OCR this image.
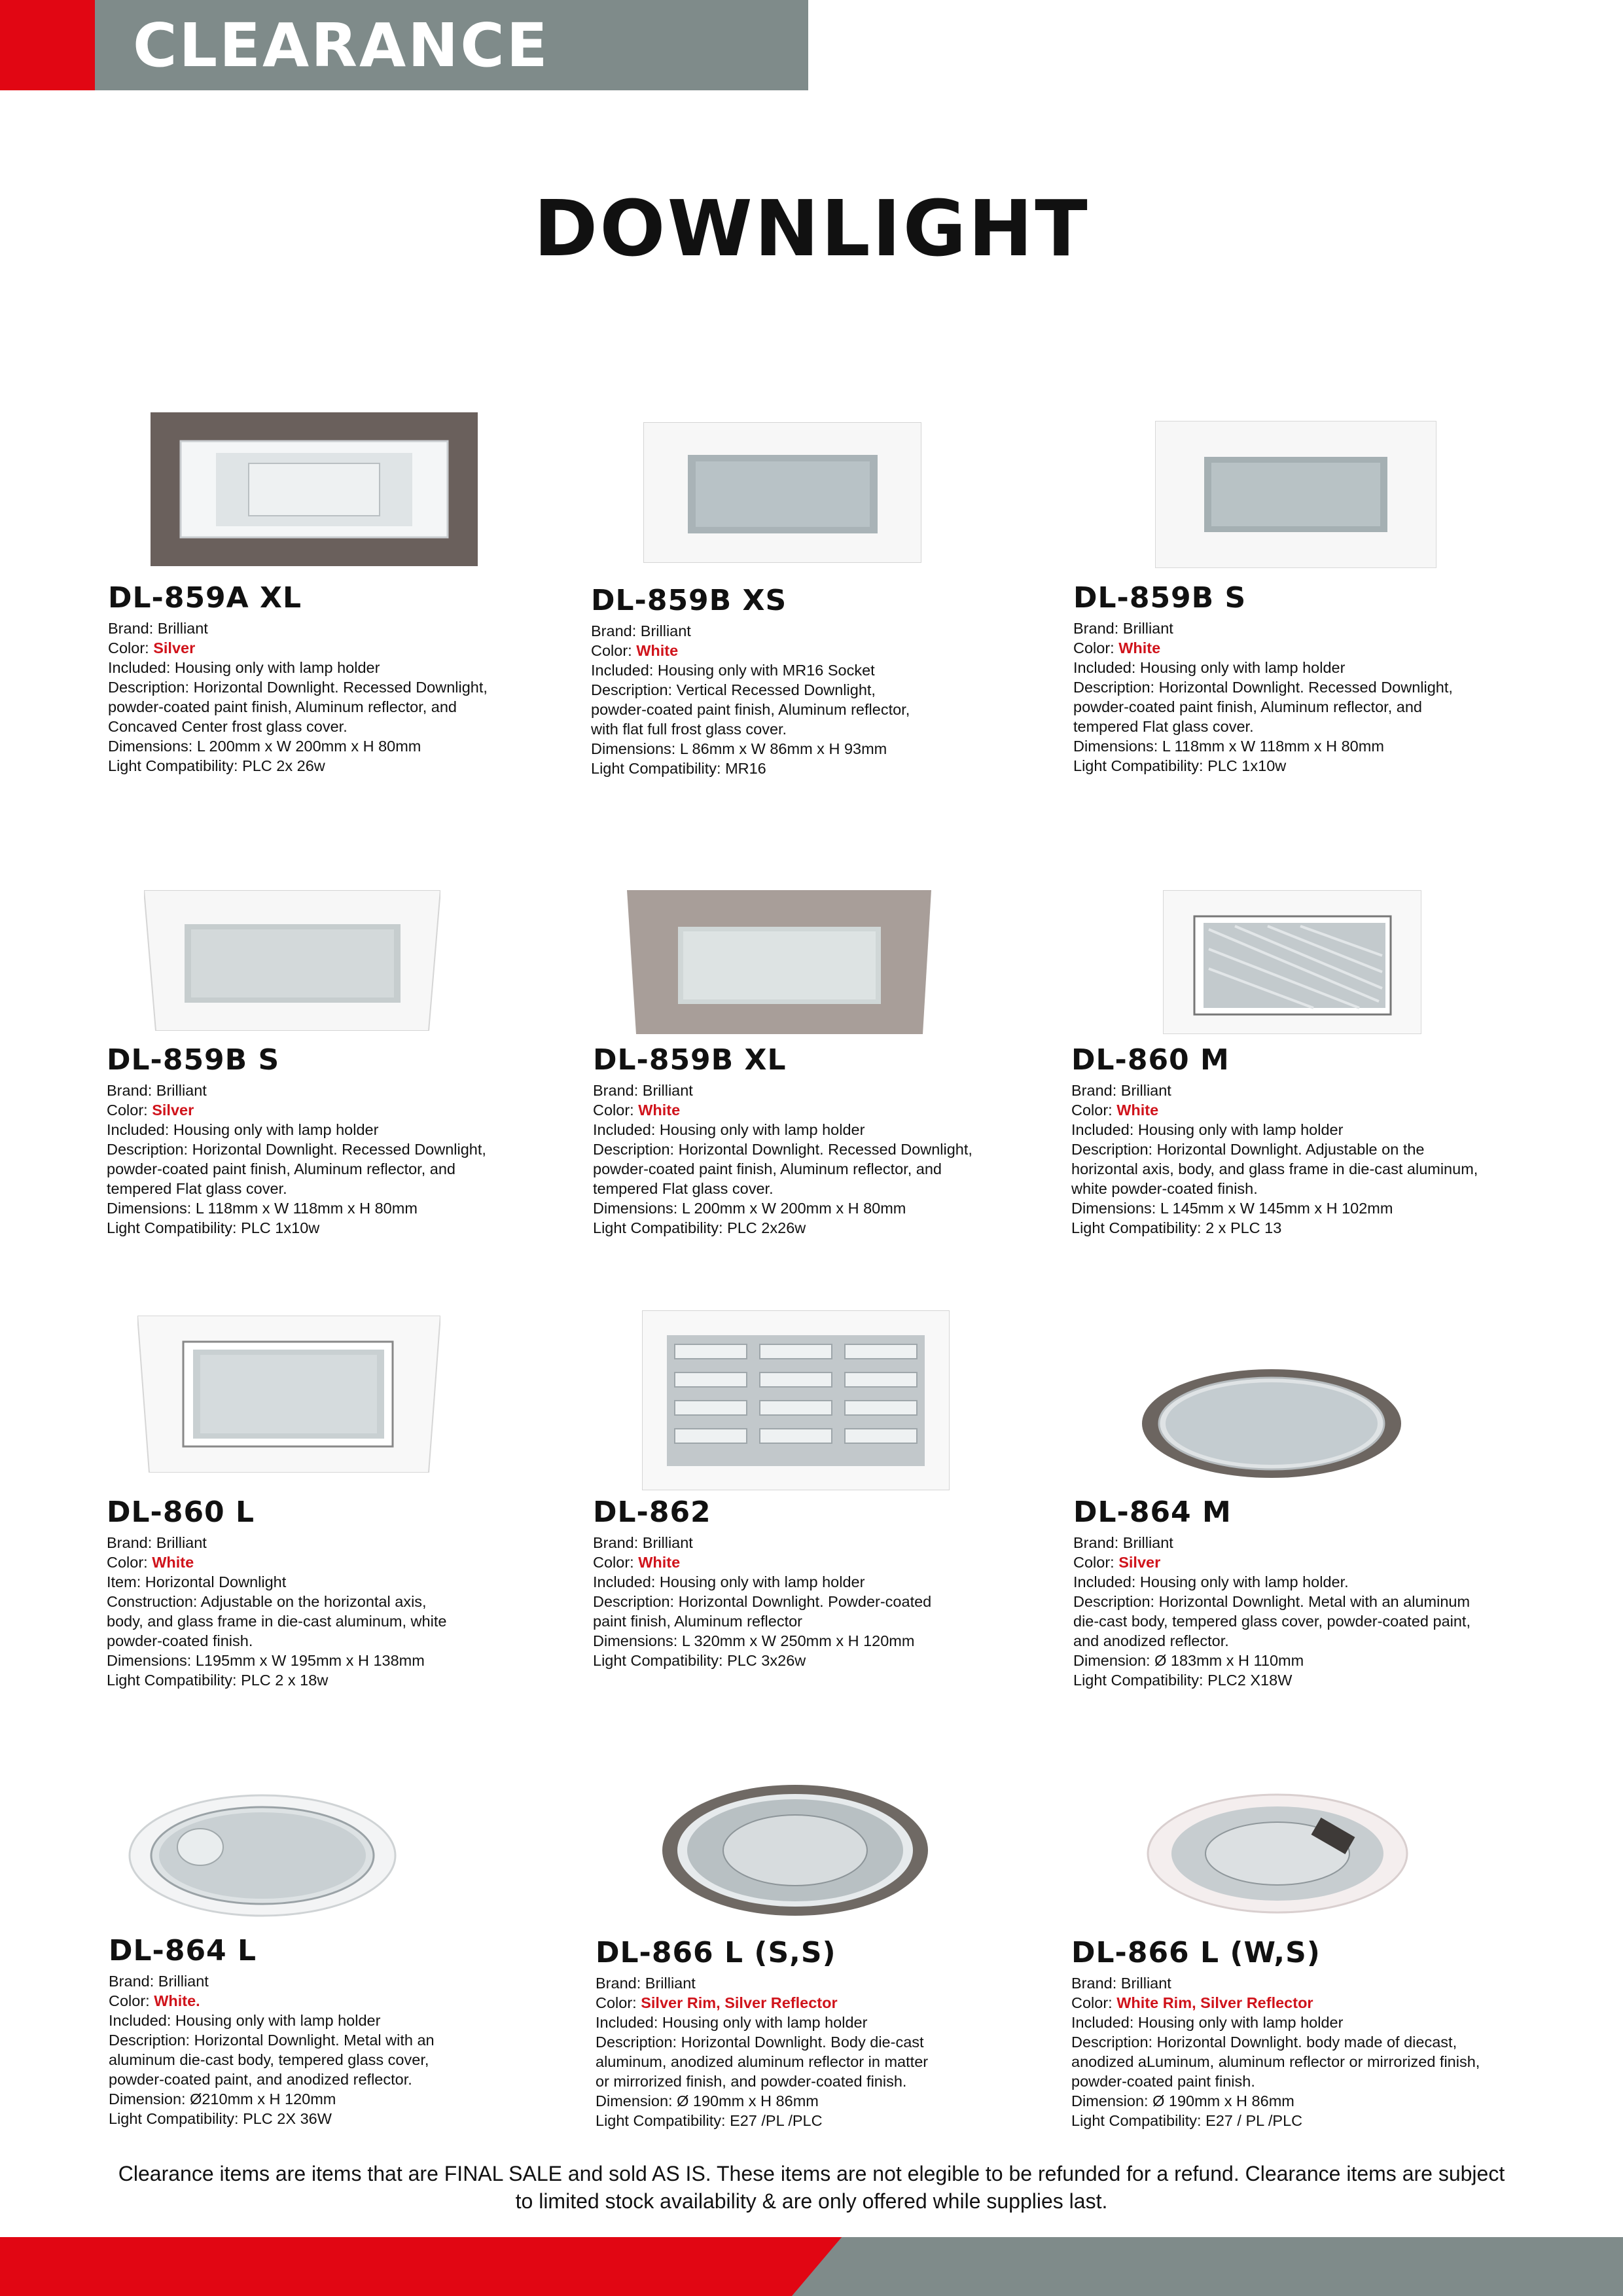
CLEARANCE
DOWNLIGHT
DL-859A XL
Brand: Brilliant
Color: Silver
Included: Housing only with lamp holder
Description: Horizontal Downlight. Recessed Downlight,
powder-coated paint finish, Aluminum reflector, and
Concaved Center frost glass cover.
Dimensions: L 200mm x W 200mm x H 80mm
Light Compatibility: PLC 2x 26w
DL-859B XS
Brand: Brilliant
Color: White
Included: Housing only with MR16 Socket
Description: Vertical Recessed Downlight,
powder-coated paint finish, Aluminum reflector,
with flat full frost glass cover.
Dimensions: L 86mm x W 86mm x H 93mm
Light Compatibility: MR16
DL-859B S
Brand: Brilliant
Color: White
Included: Housing only with lamp holder
Description: Horizontal Downlight. Recessed Downlight,
powder-coated paint finish, Aluminum reflector, and
tempered Flat glass cover.
Dimensions: L 118mm x W 118mm x H 80mm
Light Compatibility: PLC 1x10w
DL-859B S
Brand: Brilliant
Color: Silver
Included: Housing only with lamp holder
Description: Horizontal Downlight. Recessed Downlight,
powder-coated paint finish, Aluminum reflector, and
tempered Flat glass cover.
Dimensions: L 118mm x W 118mm x H 80mm
Light Compatibility: PLC 1x10w
DL-859B XL
Brand: Brilliant
Color: White
Included: Housing only with lamp holder
Description: Horizontal Downlight. Recessed Downlight,
powder-coated paint finish, Aluminum reflector, and
tempered Flat glass cover.
Dimensions: L 200mm x W 200mm x H 80mm
Light Compatibility: PLC 2x26w
DL-860 M
Brand: Brilliant
Color: White
Included: Housing only with lamp holder
Description: Horizontal Downlight. Adjustable on the
horizontal axis, body, and glass frame in die-cast aluminum,
white powder-coated finish.
Dimensions: L 145mm x W 145mm x H 102mm
Light Compatibility: 2 x PLC 13
DL-860 L
Brand: Brilliant
Color: White
Item: Horizontal Downlight
Construction: Adjustable on the horizontal axis,
body, and glass frame in die-cast aluminum, white
powder-coated finish.
Dimensions: L195mm x W 195mm x H 138mm
Light Compatibility: PLC 2 x 18w
DL-862
Brand: Brilliant
Color: White
Included: Housing only with lamp holder
Description: Horizontal Downlight. Powder-coated
paint finish, Aluminum reflector
Dimensions: L 320mm x W 250mm x H 120mm
Light Compatibility: PLC 3x26w
DL-864 M
Brand: Brilliant
Color: Silver
Included: Housing only with lamp holder.
Description: Horizontal Downlight. Metal with an aluminum
die-cast body, tempered glass cover, powder-coated paint,
and anodized reflector.
Dimension: Ø 183mm x H 110mm
Light Compatibility: PLC2 X18W
DL-864 L
Brand: Brilliant
Color: White.
Included: Housing only with lamp holder
Description: Horizontal Downlight. Metal with an
aluminum die-cast body, tempered glass cover,
powder-coated paint, and anodized reflector.
Dimension: Ø210mm x H 120mm
Light Compatibility: PLC 2X 36W
DL-866 L (S,S)
Brand: Brilliant
Color: Silver Rim, Silver Reflector
Included: Housing only with lamp holder
Description: Horizontal Downlight. Body die-cast
aluminum, anodized aluminum reflector in matter
or mirrorized finish, and powder-coated finish.
Dimension: Ø 190mm x H 86mm
Light Compatibility: E27 /PL /PLC
DL-866 L (W,S)
Brand: Brilliant
Color: White Rim, Silver Reflector
Included: Housing only with lamp holder
Description: Horizontal Downlight. body made of diecast,
anodized aLuminum, aluminum reflector or mirrorized finish,
powder-coated paint finish.
Dimension: Ø 190mm x H 86mm
Light Compatibility: E27 / PL /PLC
Clearance items are items that are FINAL SALE and sold AS IS. These items are not elegible to be refunded for a refund. Clearance items are subject
to limited stock availability & are only offered while supplies last.
